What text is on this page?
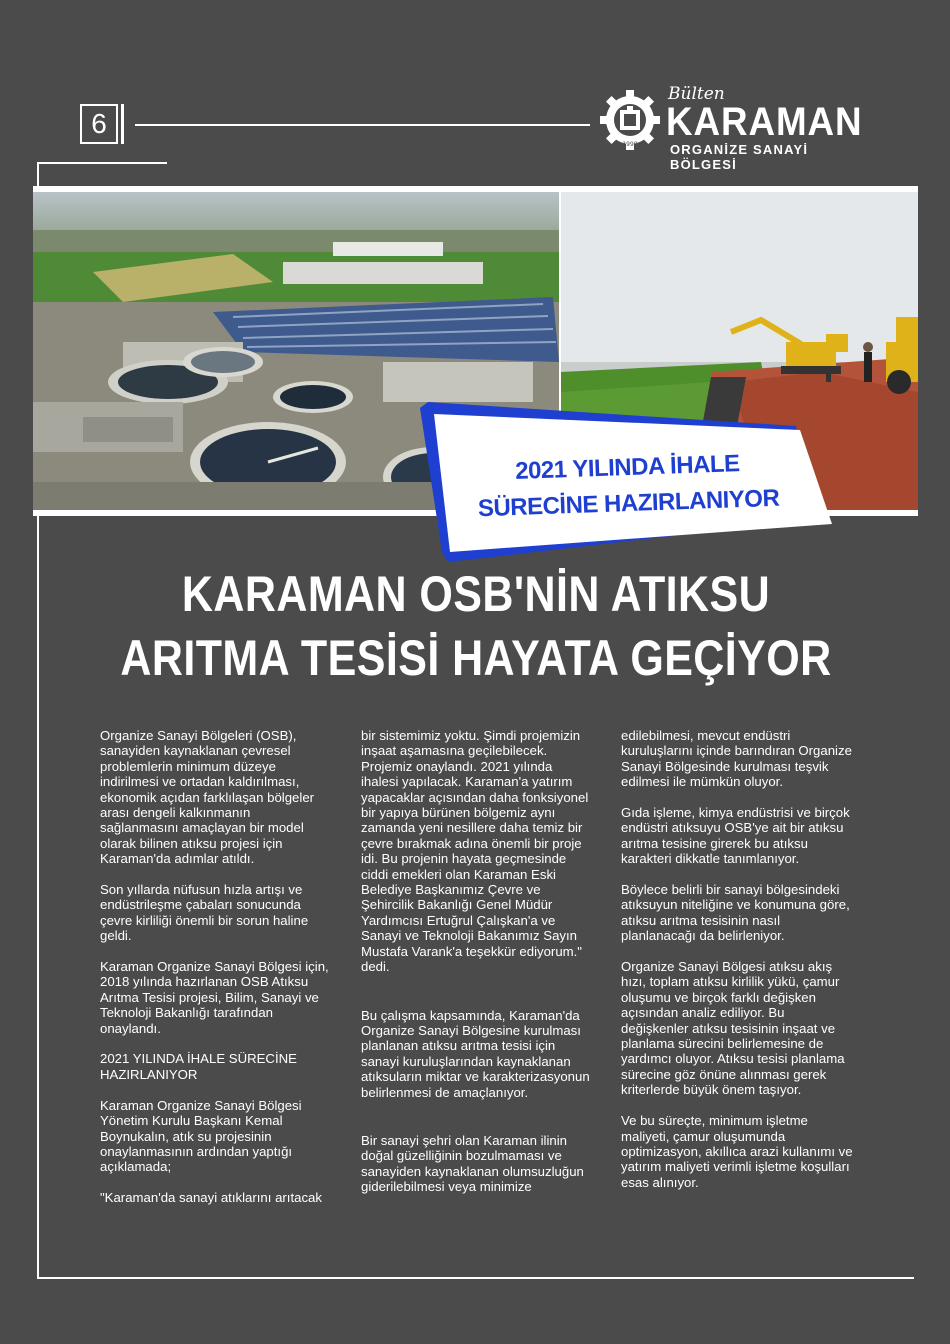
6
1990
Bülten
KARAMAN
ORGANİZE SANAYİ BÖLGESİ
2021 YILINDA İHALE
SÜRECİNE HAZIRLANIYOR
KARAMAN OSB'NİN ATIKSU
ARITMA TESİSİ HAYATA GEÇİYOR

Organize Sanayi Bölgeleri (OSB), sanayiden kaynaklanan çevresel problemlerin minimum düzeye indirilmesi ve ortadan kaldırılması, ekonomik açıdan farklılaşan bölgeler arası dengeli kalkınmanın sağlanmasını amaçlayan bir model olarak bilinen atıksu projesi için Karaman'da adımlar atıldı.

Son yıllarda nüfusun hızla artışı ve endüstrileşme çabaları sonucunda çevre kirliliği önemli bir sorun haline geldi.

Karaman Organize Sanayi Bölgesi için, 2018 yılında hazırlanan OSB Atıksu Arıtma Tesisi projesi, Bilim, Sanayi ve Teknoloji Bakanlığı tarafından onaylandı.

2021 YILINDA İHALE SÜRECİNE HAZIRLANIYOR

Karaman Organize Sanayi Bölgesi Yönetim Kurulu Başkanı Kemal Boynukalın, atık su projesinin onaylanmasının ardından yaptığı açıklamada;

"Karaman'da sanayi atıklarını arıtacak

bir sistemimiz yoktu. Şimdi projemizin inşaat aşamasına geçilebilecek. Projemiz onaylandı. 2021 yılında ihalesi yapılacak. Karaman'a yatırım yapacaklar açısından daha fonksiyonel bir yapıya bürünen bölgemiz aynı zamanda yeni nesillere daha temiz bir çevre bırakmak adına önemli bir proje idi. Bu projenin hayata geçmesinde ciddi emekleri olan Karaman Eski Belediye Başkanımız Çevre ve Şehircilik Bakanlığı Genel Müdür Yardımcısı Ertuğrul Çalışkan'a ve Sanayi ve Teknoloji Bakanımız Sayın Mustafa Varank'a teşekkür ediyorum." dedi.

Bu çalışma kapsamında, Karaman'da Organize Sanayi Bölgesine kurulması planlanan atıksu arıtma tesisi için sanayi kuruluşlarından kaynaklanan atıksuların miktar ve karakterizasyonun belirlenmesi de amaçlanıyor.

Bir sanayi şehri olan Karaman ilinin doğal güzelliğinin bozulmaması ve sanayiden kaynaklanan olumsuzluğun giderilebilmesi veya minimize

edilebilmesi, mevcut endüstri kuruluşlarını içinde barındıran Organize Sanayi Bölgesinde kurulması teşvik edilmesi ile mümkün oluyor.

Gıda işleme, kimya endüstrisi ve birçok endüstri atıksuyu OSB'ye ait bir atıksu arıtma tesisine girerek bu atıksu karakteri dikkatle tanımlanıyor.

Böylece belirli bir sanayi bölgesindeki atıksuyun niteliğine ve konumuna göre, atıksu arıtma tesisinin nasıl planlanacağı da belirleniyor.

Organize Sanayi Bölgesi atıksu akış hızı, toplam atıksu kirlilik yükü, çamur oluşumu ve birçok farklı değişken açısından analiz ediliyor. Bu değişkenler atıksu tesisinin inşaat ve planlama sürecini belirlemesine de yardımcı oluyor. Atıksu tesisi planlama sürecine göz önüne alınması gerek kriterlerde büyük önem taşıyor.

Ve bu süreçte, minimum işletme maliyeti, çamur oluşumunda optimizasyon, akıllıca arazi kullanımı ve yatırım maliyeti verimli işletme koşulları esas alınıyor.
